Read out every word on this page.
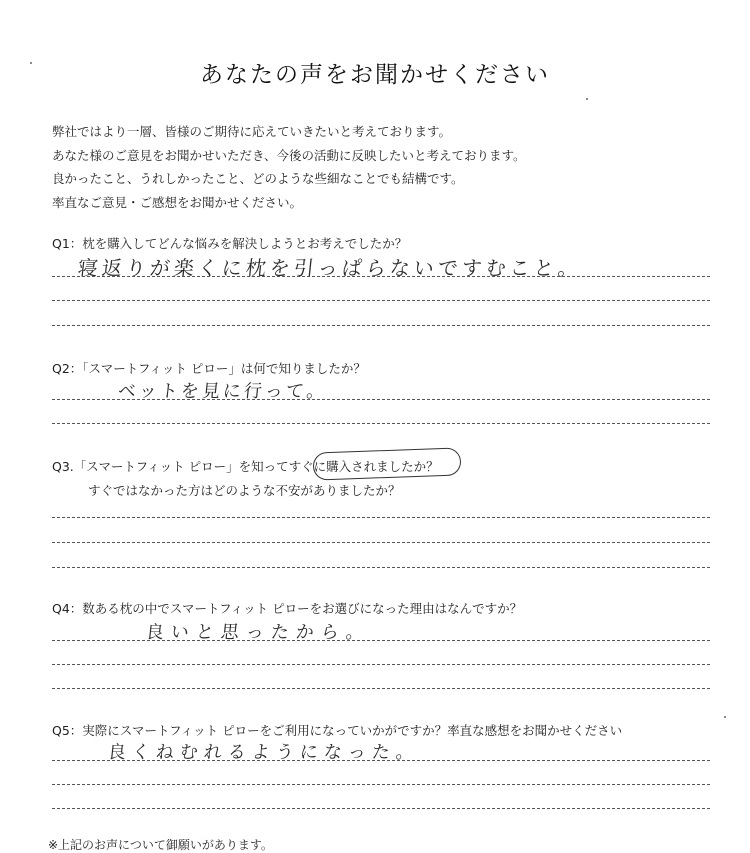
あなたの声をお聞かせください
弊社ではより一層、皆様のご期待に応えていきたいと考えております。
あなた様のご意見をお聞かせいただき、今後の活動に反映したいと考えております。
良かったこと、うれしかったこと、どのような些細なことでも結構です。
率直なご意見・ご感想をお聞かせください。
Q1：枕を購入してどんな悩みを解決しようとお考えでしたか？
寝返りが楽くに枕を引っぱらないですむこと。
Q2：「スマートフィット ピロー」は何で知りましたか？
ベットを見に行って。
Q3.「スマートフィット ピロー」を知ってすぐに購入されましたか？
すぐではなかった方はどのような不安がありましたか？
Q4：数ある枕の中でスマートフィット ピローをお選びになった理由はなんですか？
良いと思ったから。
Q5：実際にスマートフィット ピローをご利用になっていかがですか？率直な感想をお聞かせください
良くねむれるようになった。
※上記のお声について御願いがあります。
